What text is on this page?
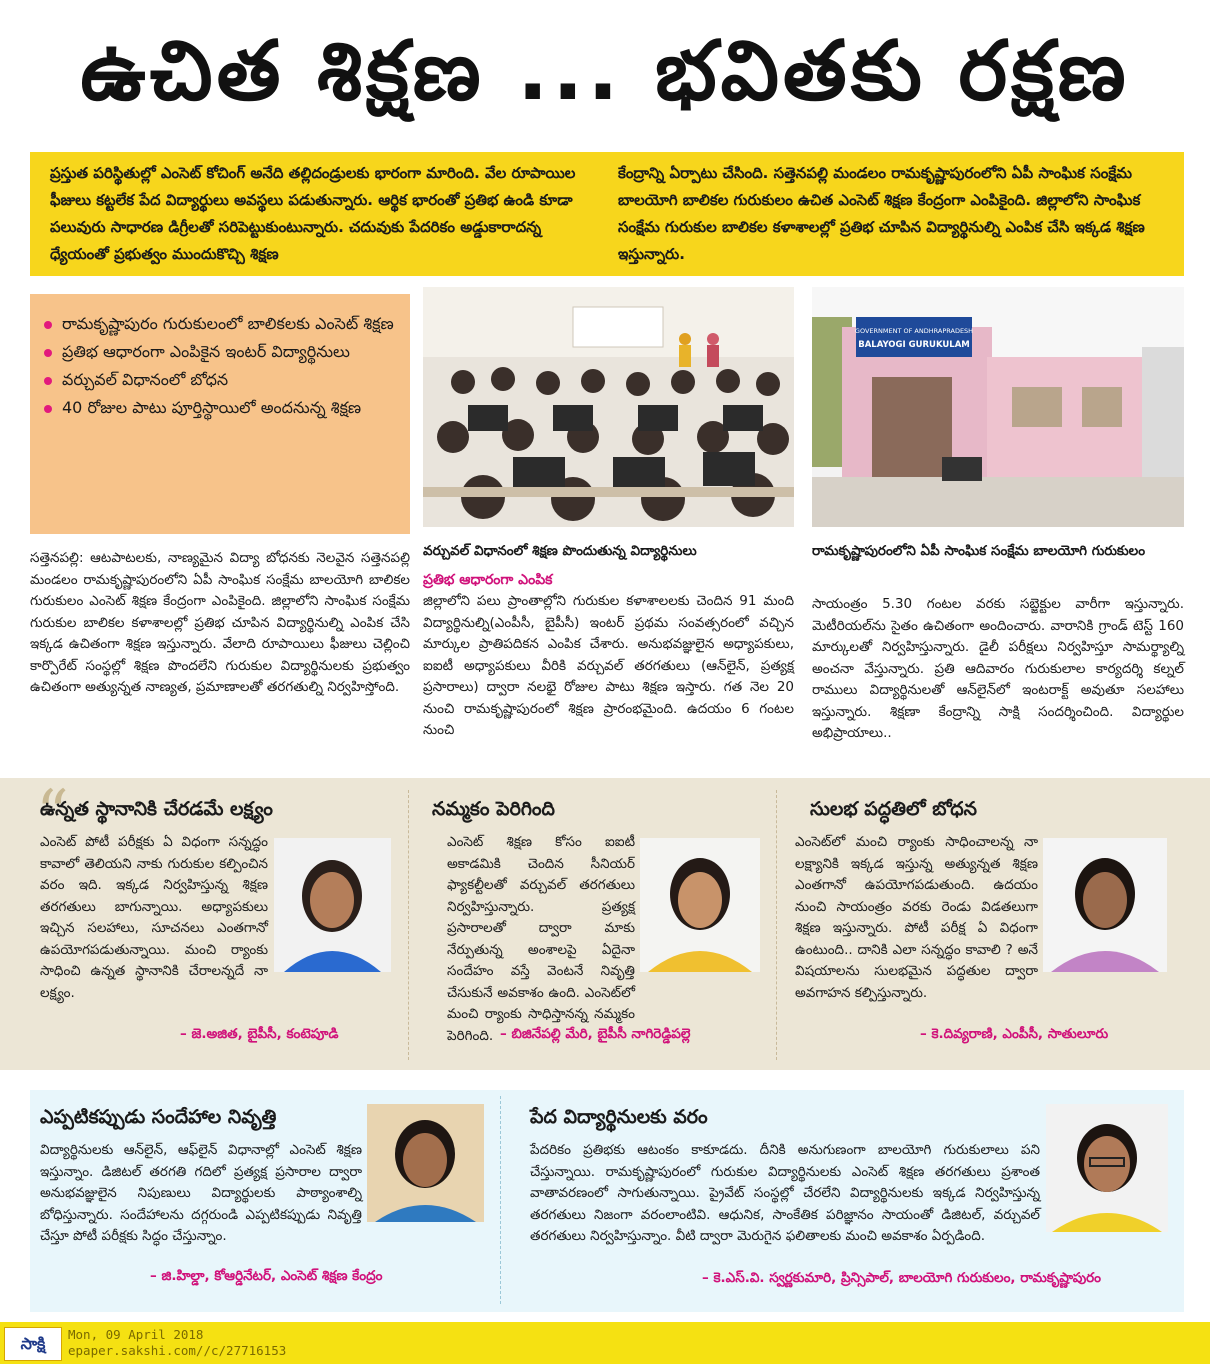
ఉచిత శిక్షణ ... భవితకు రక్షణ
ప్రస్తుత పరిస్థితుల్లో ఎంసెట్ కోచింగ్ అనేది తల్లిదండ్రులకు భారంగా మారింది. వేల రూపాయిల ఫీజులు కట్టలేక పేద విద్యార్థులు అవస్థలు పడుతున్నారు. ఆర్థిక భారంతో ప్రతిభ ఉండి కూడా పలువురు సాధారణ డిగ్రీలతో సరిపెట్టుకుంటున్నారు. చదువుకు పేదరికం అడ్డుకారాదన్న ధ్యేయంతో ప్రభుత్వం ముందుకొచ్చి శిక్షణ
కేంద్రాన్ని ఏర్పాటు చేసింది. సత్తెనపల్లి మండలం రామకృష్ణాపురంలోని ఏపీ సాంఘిక సంక్షేమ బాలయోగి బాలికల గురుకులం ఉచిత ఎంసెట్ శిక్షణ కేంద్రంగా ఎంపికైంది. జిల్లాలోని సాంఘిక సంక్షేమ గురుకుల బాలికల కళాశాలల్లో ప్రతిభ చూపిన విద్యార్థినుల్ని ఎంపిక చేసి ఇక్కడ శిక్షణ ఇస్తున్నారు.
రామకృష్ణాపురం గురుకులంలో బాలికలకు ఎంసెట్ శిక్షణ
ప్రతిభ ఆధారంగా ఎంపికైన ఇంటర్ విద్యార్థినులు
వర్చువల్ విధానంలో బోధన
40 రోజుల పాటు పూర్తిస్థాయిలో అందనున్న శిక్షణ
GOVERNMENT OF ANDHRAPRADESH
BALAYOGI GURUKULAM
వర్చువల్ విధానంలో శిక్షణ పొందుతున్న విద్యార్థినులు	రామకృష్ణాపురంలోని ఏపీ సాంఘిక సంక్షేమ బాలయోగి గురుకులం
సత్తెనపల్లి: ఆటపాటలకు, నాణ్యమైన విద్యా బోధనకు నెలవైన సత్తెనపల్లి మండలం రామకృష్ణాపురంలోని ఏపీ సాంఘిక సంక్షేమ బాలయోగి బాలికల గురుకులం ఎంసెట్ శిక్షణ కేంద్రంగా ఎంపికైంది. జిల్లాలోని సాంఘిక సంక్షేమ గురుకుల బాలికల కళాశాలల్లో ప్రతిభ చూపిన విద్యార్థినుల్ని ఎంపిక చేసి ఇక్కడ ఉచితంగా శిక్షణ ఇస్తున్నారు. వేలాది రూపాయిలు ఫీజులు చెల్లించి కార్పొరేట్ సంస్థల్లో శిక్షణ పొందలేని గురుకుల విద్యార్థినులకు ప్రభుత్వం ఉచితంగా అత్యున్నత నాణ్యత, ప్రమాణాలతో తరగతుల్ని నిర్వహిస్తోంది.
ప్రతిభ ఆధారంగా ఎంపిక
జిల్లాలోని పలు ప్రాంతాల్లోని గురుకుల కళాశాలలకు చెందిన 91 మంది విద్యార్థినుల్ని(ఎంపీసీ, బైపీసీ) ఇంటర్ ప్రథమ సంవత్సరంలో వచ్చిన మార్కుల ప్రాతిపదికన ఎంపిక చేశారు. అనుభవజ్ఞులైన అధ్యాపకులు, ఐఐటీ అధ్యాపకులు వీరికి వర్చువల్ తరగతులు (ఆన్‌లైన్, ప్రత్యక్ష ప్రసారాలు) ద్వారా నలభై రోజుల పాటు శిక్షణ ఇస్తారు. గత నెల 20 నుంచి రామకృష్ణాపురంలో శిక్షణ ప్రారంభమైంది. ఉదయం 6 గంటల నుంచి
సాయంత్రం 5.30 గంటల వరకు సబ్జెక్టుల వారీగా ఇస్తున్నారు. మెటీరియల్‌ను సైతం ఉచితంగా అందించారు. వారానికి గ్రాండ్ టెస్ట్ 160 మార్కులతో నిర్వహిస్తున్నారు. డైలీ పరీక్షలు నిర్వహిస్తూ సామర్థ్యాల్ని అంచనా వేస్తున్నారు. ప్రతి ఆదివారం గురుకులాల కార్యదర్శి కల్నల్ రాములు విద్యార్థినులతో ఆన్‌లైన్‌లో ఇంటరాక్ట్ అవుతూ సలహాలు ఇస్తున్నారు. శిక్షణా కేంద్రాన్ని సాక్షి సందర్శించింది. విద్యార్థుల అభిప్రాయాలు..
“
ఉన్నత స్థానానికి చేరడమే లక్ష్యం
ఎంసెట్ పోటీ పరీక్షకు ఏ విధంగా సన్నద్ధం కావాలో తెలియని నాకు గురుకుల కల్పించిన వరం ఇది. ఇక్కడ నిర్వహిస్తున్న శిక్షణ తరగతులు బాగున్నాయి. అధ్యాపకులు ఇచ్చిన సలహాలు, సూచనలు ఎంతగానో ఉపయోగపడుతున్నాయి. మంచి ర్యాంకు సాధించి ఉన్నత స్థానానికి చేరాలన్నదే నా లక్ష్యం.
– జె.అజిత, బైపీసీ, కంటెపూడి
నమ్మకం పెరిగింది
ఎంసెట్ శిక్షణ కోసం ఐఐటీ అకాడమికి చెందిన సీనియర్ ఫ్యాకల్టీలతో వర్చువల్ తరగతులు నిర్వహిస్తున్నారు. ప్రత్యక్ష ప్రసారాలతో ద్వారా మాకు నేర్పుతున్న అంశాలపై ఏదైనా సందేహం వస్తే వెంటనే నివృత్తి చేసుకునే అవకాశం ఉంది. ఎంసెట్‌లో మంచి ర్యాంకు సాధిస్తానన్న నమ్మకం పెరిగింది. – బిజినేపల్లి మేరి, బైపీసీ నాగిరెడ్డిపల్లె
సులభ పద్ధతిలో బోధన
ఎంసెట్‌లో మంచి ర్యాంకు సాధించాలన్న నా లక్ష్యానికి ఇక్కడ ఇస్తున్న అత్యున్నత శిక్షణ ఎంతగానో ఉపయోగపడుతుంది. ఉదయం నుంచి సాయంత్రం వరకు రెండు విడతలుగా శిక్షణ ఇస్తున్నారు. పోటీ పరీక్ష ఏ విధంగా ఉంటుంది.. దానికి ఎలా సన్నద్ధం కావాలి ? అనే విషయాలను సులభమైన పద్ధతుల ద్వారా అవగాహన కల్పిస్తున్నారు.
– కె.దివ్యరాణి, ఎంపీసీ, సాతులూరు
ఎప్పటికప్పుడు సందేహాల నివృత్తి
విద్యార్థినులకు ఆన్‌లైన్, ఆఫ్‌లైన్ విధానాల్లో ఎంసెట్ శిక్షణ ఇస్తున్నాం. డిజిటల్ తరగతి గదిలో ప్రత్యక్ష ప్రసారాల ద్వారా అనుభవజ్ఞులైన నిపుణులు విద్యార్థులకు పాఠ్యాంశాల్ని బోధిస్తున్నారు. సందేహాలను దగ్గరుండి ఎప్పటికప్పుడు నివృత్తి చేస్తూ పోటీ పరీక్షకు సిద్ధం చేస్తున్నాం.
– జి.హిల్డా, కోఆర్డినేటర్, ఎంసెట్ శిక్షణ కేంద్రం
పేద విద్యార్థినులకు వరం
పేదరికం ప్రతిభకు ఆటంకం కాకూడదు. దీనికి అనుగుణంగా బాలయోగి గురుకులాలు పని చేస్తున్నాయి. రామకృష్ణాపురంలో గురుకుల విద్యార్థినులకు ఎంసెట్ శిక్షణ తరగతులు ప్రశాంత వాతావరణంలో సాగుతున్నాయి. ప్రైవేట్ సంస్థల్లో చేరలేని విద్యార్థినులకు ఇక్కడ నిర్వహిస్తున్న తరగతులు నిజంగా వరంలాంటివి. ఆధునిక, సాంకేతిక పరిజ్ఞానం సాయంతో డిజిటల్, వర్చువల్ తరగతులు నిర్వహిస్తున్నాం. వీటి ద్వారా మెరుగైన ఫలితాలకు మంచి అవకాశం ఏర్పడింది.
– కె.ఎస్.వి. స్వర్ణకుమారి, ప్రిన్సిపాల్, బాలయోగి గురుకులం, రామకృష్ణాపురం
సాక్షి	Mon, 09 April 2018
epaper.sakshi.com//c/27716153
